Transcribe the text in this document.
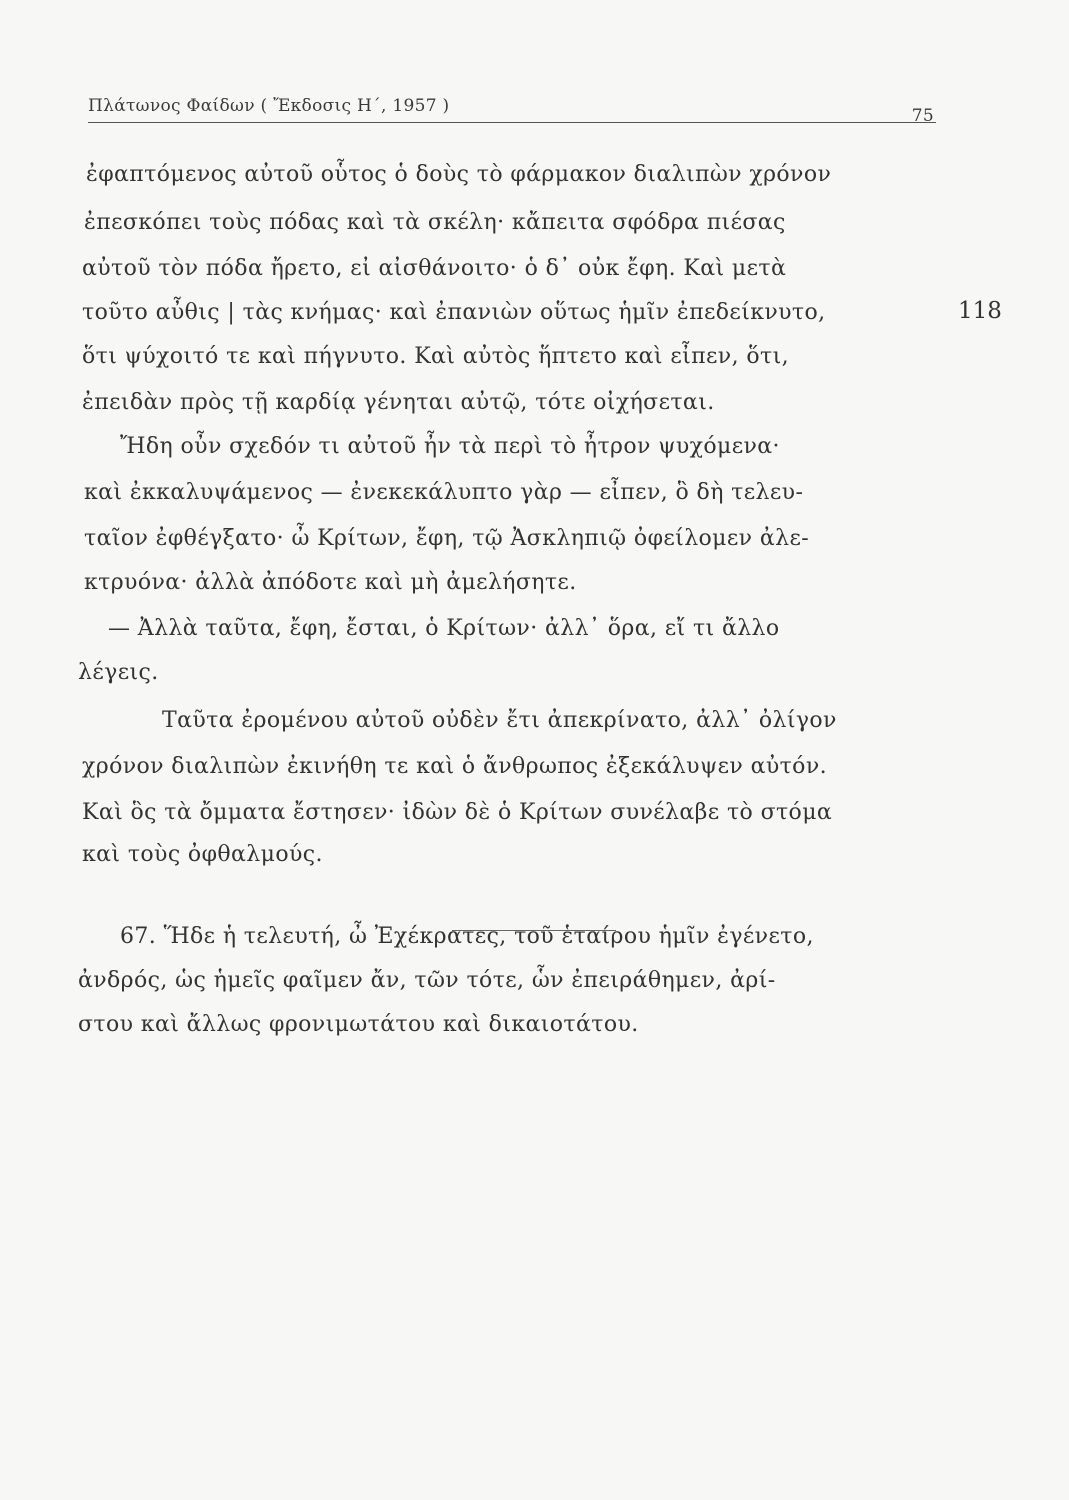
Πλάτωνος Φαίδων ( Ἔκδοσις Η΄, 1957 )	75
118
ἐφαπτόμενος αὐτοῦ οὗτος ὁ δοὺς τὸ φάρμακον διαλιπὼν χρόνον
ἐπεσκόπει τοὺς πόδας καὶ τὰ σκέλη· κἄπειτα σφόδρα πιέσας
αὐτοῦ τὸν πόδα ἤρετο, εἰ αἰσθάνοιτο· ὁ δ᾽ οὐκ ἔφη. Καὶ μετὰ
τοῦτο αὖθις | τὰς κνήμας· καὶ ἐπανιὼν οὕτως ἡμῖν ἐπεδείκνυτο,
ὅτι ψύχοιτό τε καὶ πήγνυτο. Καὶ αὐτὸς ἥπτετο καὶ εἶπεν, ὅτι,
ἐπειδὰν πρὸς τῇ καρδίᾳ γένηται αὐτῷ, τότε οἰχήσεται.
Ἤδη οὖν σχεδόν τι αὐτοῦ ἦν τὰ περὶ τὸ ἦτρον ψυχόμενα·
καὶ ἐκκαλυψάμενος — ἐνεκεκάλυπτο γὰρ — εἶπεν, ὃ δὴ τελευ-
ταῖον ἐφθέγξατο· ὦ Κρίτων, ἔφη, τῷ Ἀσκληπιῷ ὀφείλομεν ἀλε-
κτρυόνα· ἀλλὰ ἀπόδοτε καὶ μὴ ἀμελήσητε.
— Ἀλλὰ ταῦτα, ἔφη, ἔσται, ὁ Κρίτων· ἀλλ᾽ ὅρα, εἴ τι ἄλλο
λέγεις.
Ταῦτα ἐρομένου αὐτοῦ οὐδὲν ἔτι ἀπεκρίνατο, ἀλλ᾽ ὀλίγον
χρόνον διαλιπὼν ἐκινήθη τε καὶ ὁ ἄνθρωπος ἐξεκάλυψεν αὐτόν.
Καὶ ὃς τὰ ὄμματα ἔστησεν· ἰδὼν δὲ ὁ Κρίτων συνέλαβε τὸ στόμα
καὶ τοὺς ὀφθαλμούς.
67. Ἥδε ἡ τελευτή, ὦ Ἐχέκρατες, τοῦ ἑταίρου ἡμῖν ἐγένετο,
ἀνδρός, ὡς ἡμεῖς φαῖμεν ἄν, τῶν τότε, ὧν ἐπειράθημεν, ἀρί-
στου καὶ ἄλλως φρονιμωτάτου καὶ δικαιοτάτου.
